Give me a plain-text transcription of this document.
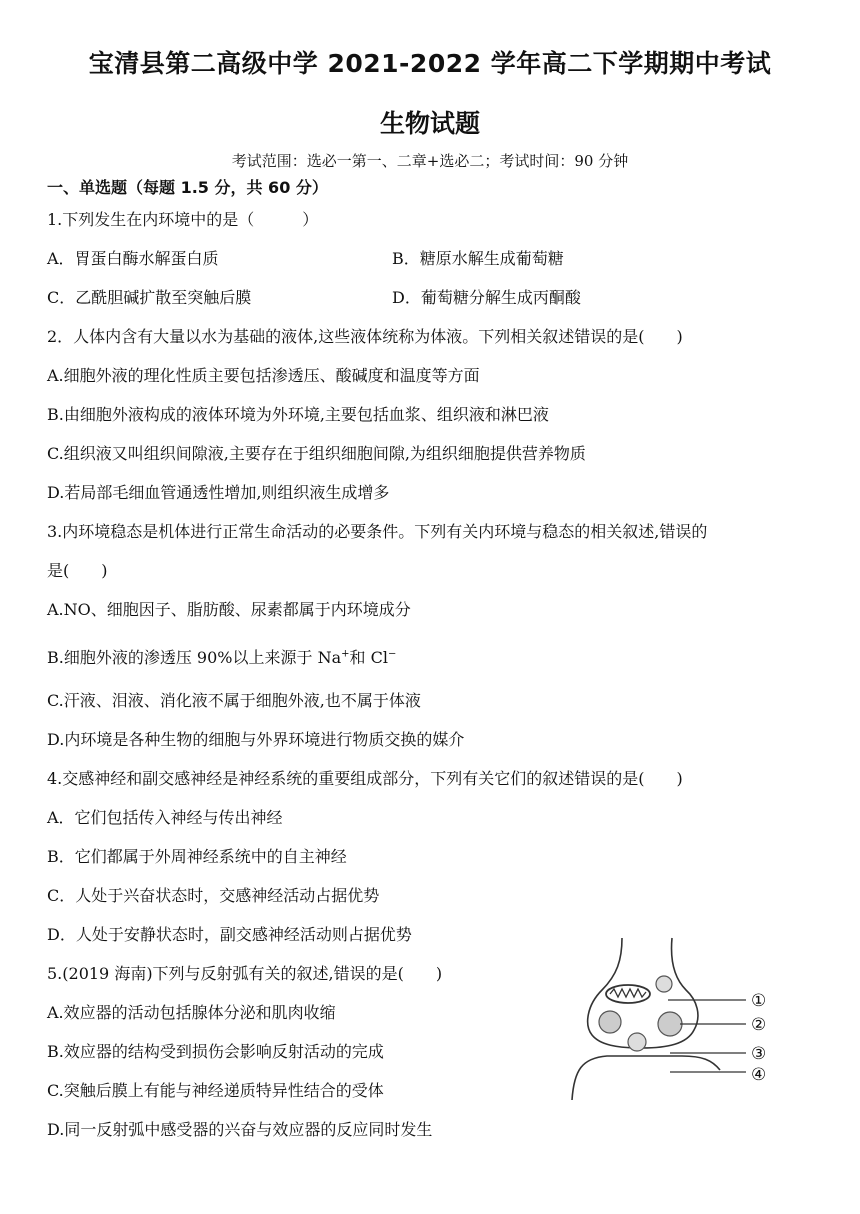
宝清县第二高级中学 2021-2022 学年高二下学期期中考试
生物试题
考试范围：选必一第一、二章+选必二；考试时间：90 分钟
一、单选题（每题 1.5 分，共 60 分）
1.下列发生在内环境中的是（　　　）
A．胃蛋白酶水解蛋白质	B．糖原水解生成葡萄糖
C．乙酰胆碱扩散至突触后膜	D．葡萄糖分解生成丙酮酸
2．人体内含有大量以水为基础的液体,这些液体统称为体液。下列相关叙述错误的是(　　)
A.细胞外液的理化性质主要包括渗透压、酸碱度和温度等方面
B.由细胞外液构成的液体环境为外环境,主要包括血浆、组织液和淋巴液
C.组织液又叫组织间隙液,主要存在于组织细胞间隙,为组织细胞提供营养物质
D.若局部毛细血管通透性增加,则组织液生成增多
3.内环境稳态是机体进行正常生命活动的必要条件。下列有关内环境与稳态的相关叙述,错误的
是(　　)
A.NO、细胞因子、脂肪酸、尿素都属于内环境成分
B.细胞外液的渗透压 90%以上来源于 Na+和 Cl−
C.汗液、泪液、消化液不属于细胞外液,也不属于体液
D.内环境是各种生物的细胞与外界环境进行物质交换的媒介
4.交感神经和副交感神经是神经系统的重要组成部分，下列有关它们的叙述错误的是(　　)
A．它们包括传入神经与传出神经
B．它们都属于外周神经系统中的自主神经
C．人处于兴奋状态时，交感神经活动占据优势
D．人处于安静状态时，副交感神经活动则占据优势
5.(2019 海南)下列与反射弧有关的叙述,错误的是(　　)
A.效应器的活动包括腺体分泌和肌肉收缩
B.效应器的结构受到损伤会影响反射活动的完成
C.突触后膜上有能与神经递质特异性结合的受体
D.同一反射弧中感受器的兴奋与效应器的反应同时发生
①
②
③
④
